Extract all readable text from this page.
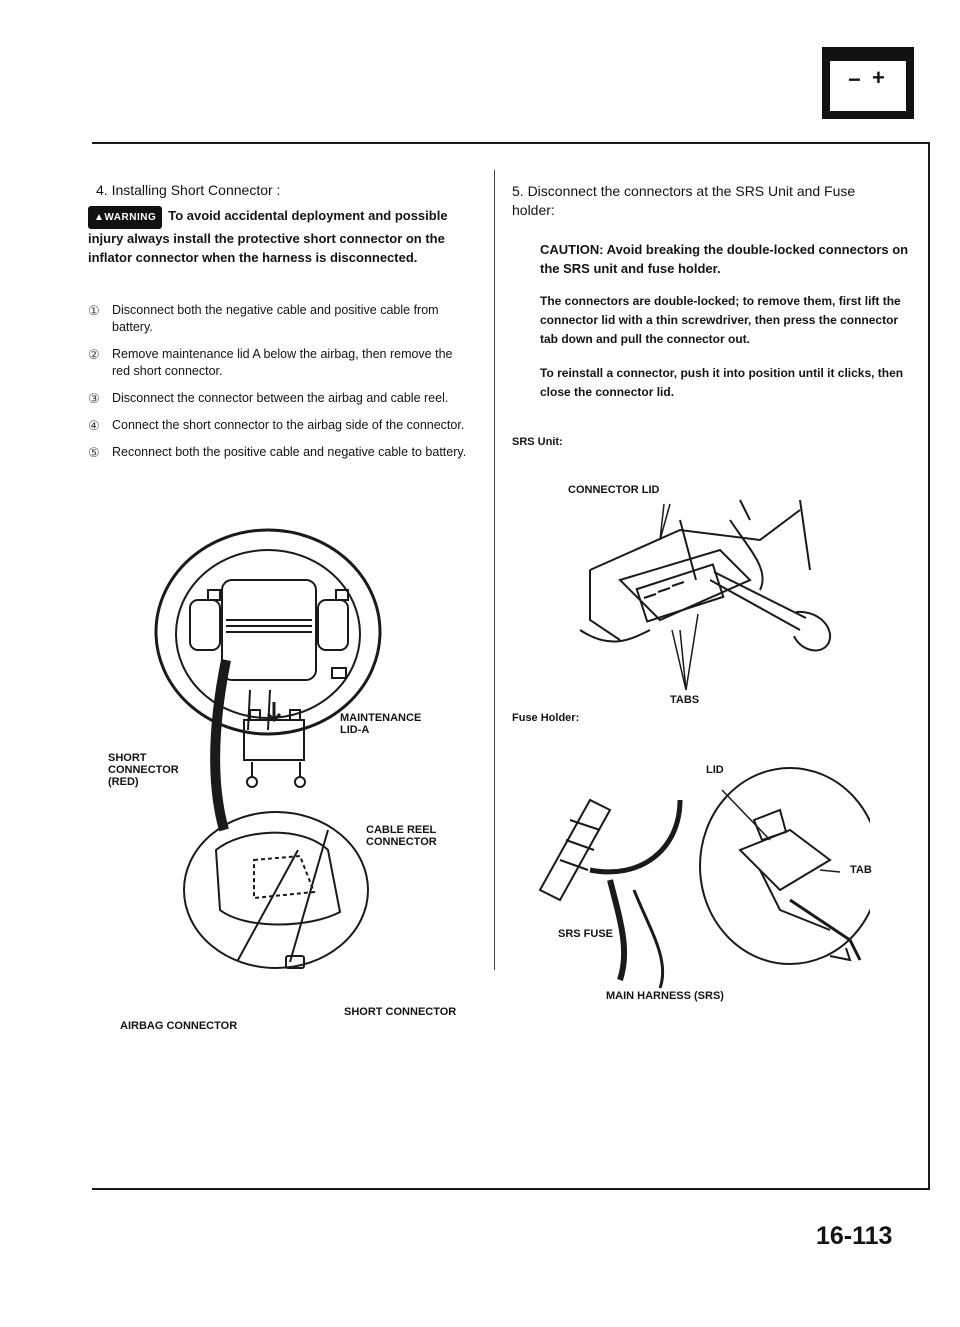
− +
4. Installing Short Connector :
▲WARNING To avoid accidental deployment and possible injury always install the protective short connector on the inflator connector when the harness is disconnected.
① Disconnect both the negative cable and positive cable from battery.
② Remove maintenance lid A below the airbag, then remove the red short connector.
③ Disconnect the connector between the airbag and cable reel.
④ Connect the short connector to the airbag side of the connector.
⑤ Reconnect both the positive cable and negative cable to battery.
MAINTENANCE
LID-A
SHORT
CONNECTOR
(RED)
CABLE REEL
CONNECTOR
SHORT CONNECTOR
AIRBAG CONNECTOR
5. Disconnect the connectors at the SRS Unit and Fuse holder:
CAUTION: Avoid breaking the double-locked connectors on the SRS unit and fuse holder.
The connectors are double-locked; to remove them, first lift the connector lid with a thin screwdriver, then press the connector tab down and pull the connector out.
To reinstall a connector, push it into position until it clicks, then close the connector lid.
SRS Unit:
Fuse Holder:
CONNECTOR LID
TABS
LID
TAB
SRS FUSE
MAIN HARNESS (SRS)
16-113
